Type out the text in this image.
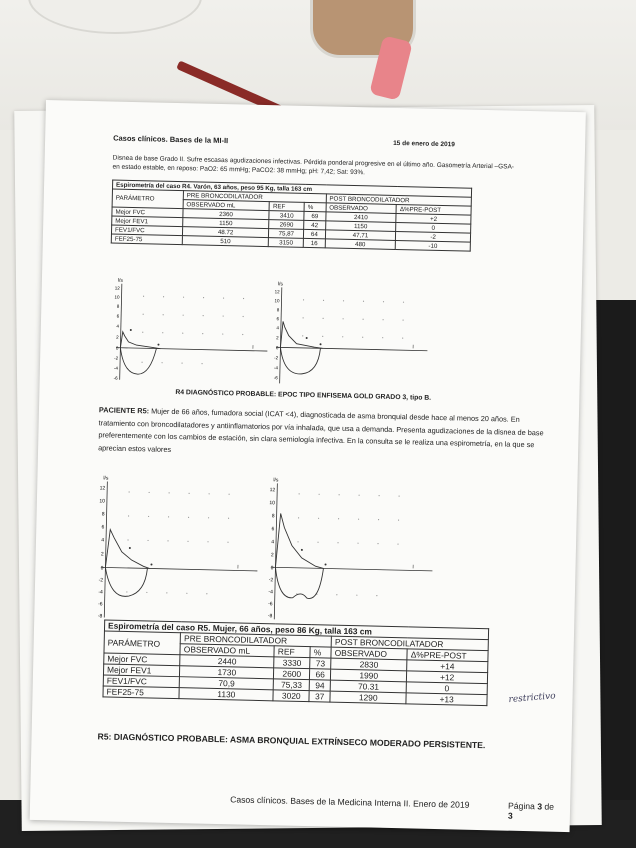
Casos clínicos. Bases de la MI-II	15 de enero de 2019
Disnea de base Grado II. Sufre escasas agudizaciones infectivas. Pérdida ponderal progresive en el último año. Gasometría Arterial –GSA- en estado estable, en reposo: PaO2: 65 mmHg; PaCO2: 38 mmHg; pH: 7,42; Sat: 93%.
Espirometría del caso R4. Varón, 63 años, peso 95 Kg, talla 163 cm					
PARÁMETRO	PRE BRONCODILATADOR			POST BRONCODILATADOR	
	OBSERVADO mL	REF	%	OBSERVADO	Δ%PRE-POST
Mejor FVC	2360	3410	69	2410	+2
Mejor FEV1	1150	2690	42	1150	0
FEV1/FVC	48.72	75,87	64	47,71	-2
FEF25-75	510	3150	16	480	-10
l/s
l
12
10
8
6
4
2
0
-2
-4
-6
l/s
l
12
10
8
6
4
2
0
-2
-4
-6
R4 DIAGNÓSTICO PROBABLE: EPOC TIPO ENFISEMA GOLD GRADO 3, tipo B.
PACIENTE R5: Mujer de 66 años, fumadora social (ICAT <4), diagnosticada de asma bronquial desde hace al menos 20 años. En tratamiento con broncodilatadores y antiinflamatorios por vía inhalada, que usa a demanda. Presenta agudizaciones de la disnea de base preferentemente con los cambios de estación, sin clara semiología infectiva. En la consulta se le realiza una espirometría, en la que se aprecian estos valores
l/s
l
12
10
8
6
4
2
0
-2
-4
-6
-8
l/s
l
12
10
8
6
4
2
0
-2
-4
-6
-8
Espirometría del caso R5. Mujer, 66 años, peso 86 Kg, talla 163 cm					
PARÁMETRO	PRE BRONCODILATADOR			POST BRONCODILATADOR	
	OBSERVADO mL	REF	%	OBSERVADO	Δ%PRE-POST
Mejor FVC	2440	3330	73	2830	+14
Mejor FEV1	1730	2600	66	1990	+12
FEV1/FVC	70,9	75,33	94	70.31	0
FEF25-75	1130	3020	37	1290	+13	restrictivo
R5: DIAGNÓSTICO PROBABLE: ASMA BRONQUIAL EXTRÍNSECO MODERADO PERSISTENTE.
Casos clínicos. Bases de la Medicina Interna II. Enero de 2019	Página 3 de 3
